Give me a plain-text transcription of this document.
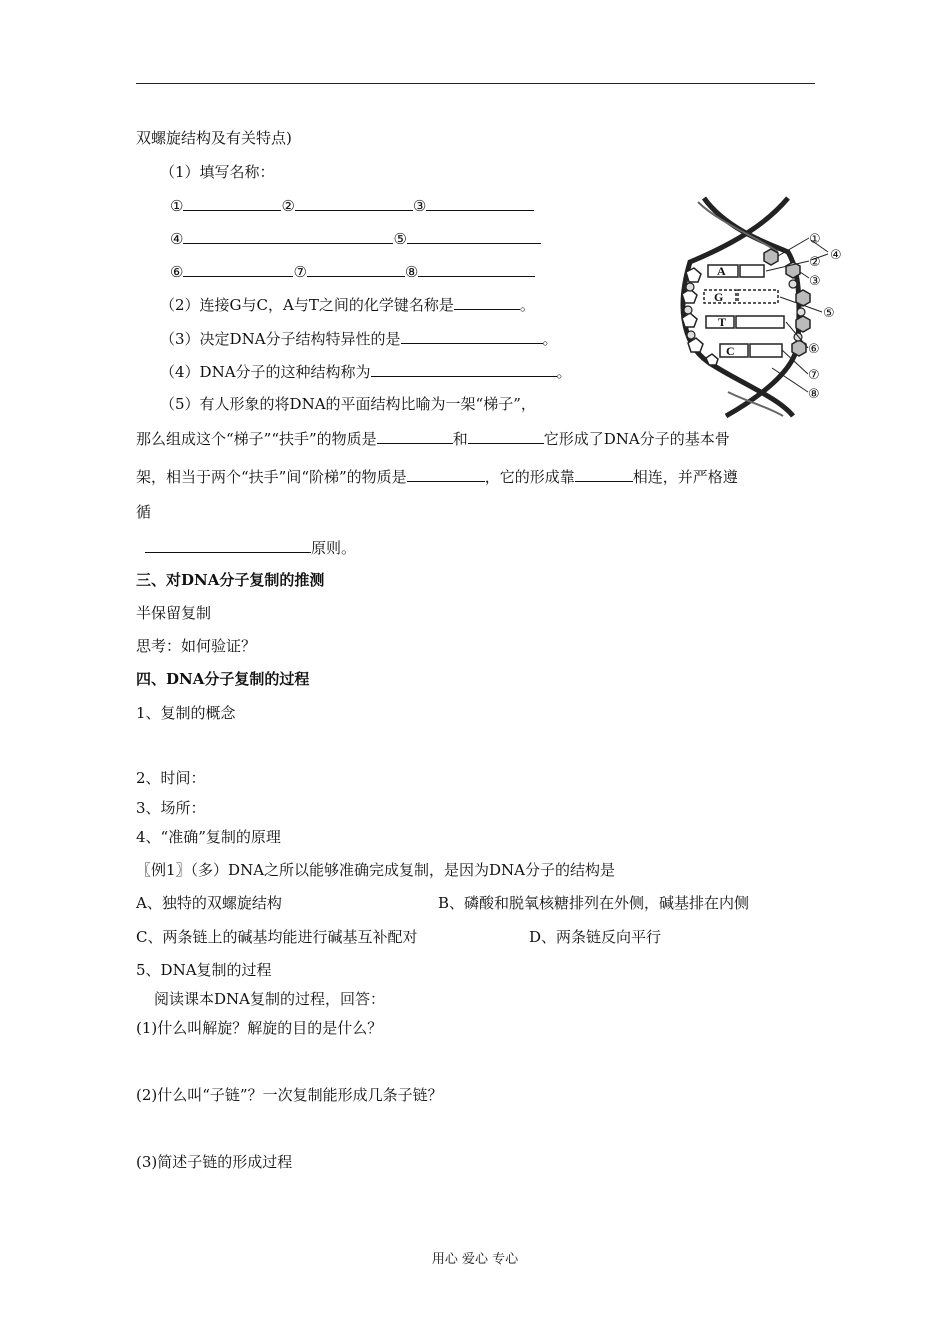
双螺旋结构及有关特点)
（1）填写名称：
①	②	③
④	⑤
⑥	⑦	⑧
（2）连接G与C，A与T之间的化学键名称是	。
（3）决定DNA分子结构特异性的是	。
（4）DNA分子的这种结构称为	。
（5）有人形象的将DNA的平面结构比喻为一架“梯子”，
那么组成这个“梯子”“扶手”的物质是	和	它形成了DNA分子的基本骨
架，相当于两个“扶手”间“阶梯”的物质是	，它的形成靠	相连，并严格遵
循
原则。
A
G
T
C
①
②
③
④
⑤
⑥
⑦
⑧
三、对DNA分子复制的推测
半保留复制
思考：如何验证？
四、DNA分子复制的过程
1、复制的概念
2、时间：
3、场所：
4、“准确”复制的原理
〖例1〗（多）DNA之所以能够准确完成复制，是因为DNA分子的结构是
A、独特的双螺旋结构	B、磷酸和脱氧核糖排列在外侧，碱基排在内侧
C、两条链上的碱基均能进行碱基互补配对	D、两条链反向平行
5、DNA复制的过程
阅读课本DNA复制的过程，回答：
(1)什么叫解旋？解旋的目的是什么？
(2)什么叫“子链”？一次复制能形成几条子链？
(3)简述子链的形成过程
用心 爱心 专心
